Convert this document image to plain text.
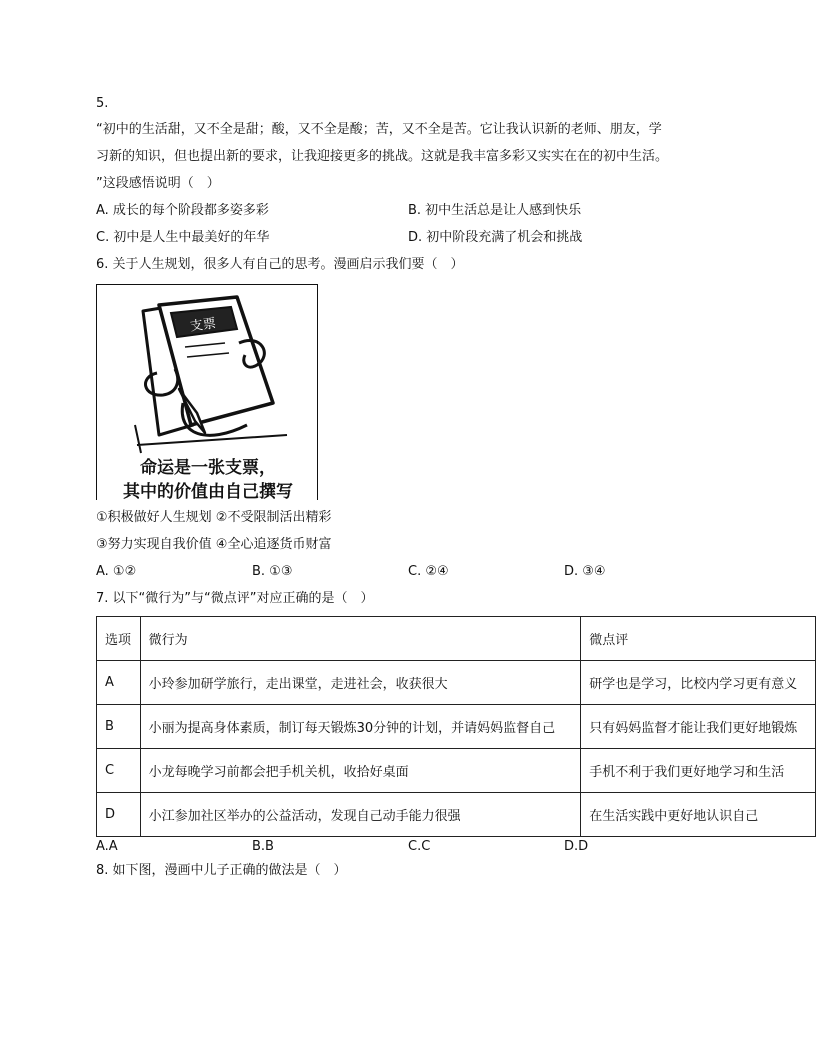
5.
“初中的生活甜，又不全是甜；酸，又不全是酸；苦，又不全是苦。它让我认识新的老师、朋友，学
习新的知识，但也提出新的要求，让我迎接更多的挑战。这就是我丰富多彩又实实在在的初中生活。
”这段感悟说明（　）
A. 成长的每个阶段都多姿多彩	B. 初中生活总是让人感到快乐
C. 初中是人生中最美好的年华	D. 初中阶段充满了机会和挑战
6. 关于人生规划，很多人有自己的思考。漫画启示我们要（　）
支票
命运是一张支票，
其中的价值由自己撰写
①积极做好人生规划 ②不受限制活出精彩
③努力实现自我价值 ④全心追逐货币财富
A. ①②	B. ①③	C. ②④	D. ③④
7. 以下“微行为”与“微点评”对应正确的是（　）
选项	微行为	微点评
A	小玲参加研学旅行，走出课堂，走进社会，收获很大	研学也是学习，比校内学习更有意义
B	小丽为提高身体素质，制订每天锻炼30分钟的计划，并请妈妈监督自己	只有妈妈监督才能让我们更好地锻炼
C	小龙每晚学习前都会把手机关机，收拾好桌面	手机不利于我们更好地学习和生活
D	小江参加社区举办的公益活动，发现自己动手能力很强	在生活实践中更好地认识自己
A.A	B.B	C.C	D.D
8. 如下图，漫画中儿子正确的做法是（　）
